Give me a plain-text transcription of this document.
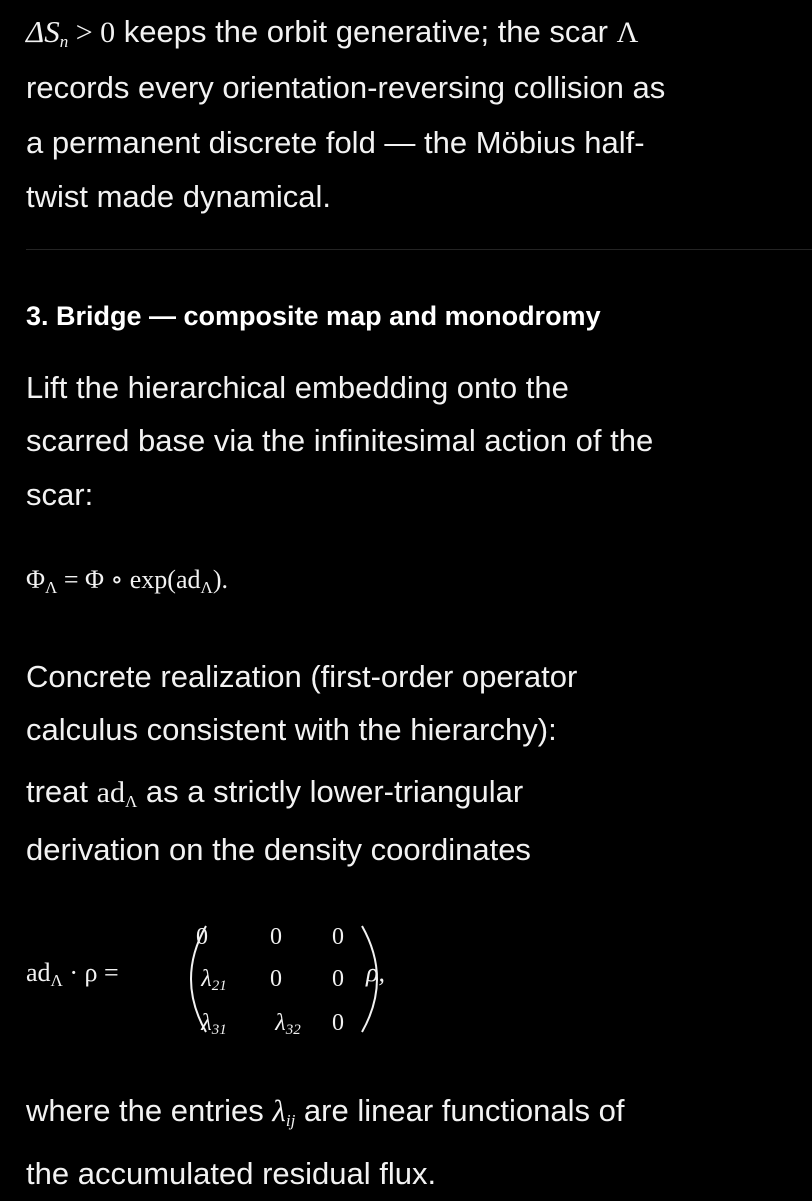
$\Delta S_n > 0$ keeps the orbit generative; the scar Λ

records every orientation-reversing collision as

a permanent discrete fold — the Möbius half-

twist made dynamical.

3. Bridge — composite map and monodromy

Lift the hierarchical embedding onto the

scarred base via the infinitesimal action of the

scar:

$\Phi_\Lambda = \Phi$ ∘ $\exp(ad_\Lambda)$.

Concrete realization (first-order operator

calculus consistent with the hierarchy):

treat $ad_\Lambda$ as a strictly lower-triangular

derivation on the density coordinates

$ad_\Lambda \cdot \rho$ =
0	0	0
$\lambda_{21}$	0	0
$\lambda_{31}$	$\lambda_{32}$	0
ρ,

where the entries $\lambda_{ij}$ are linear functionals of

the accumulated residual flux.
